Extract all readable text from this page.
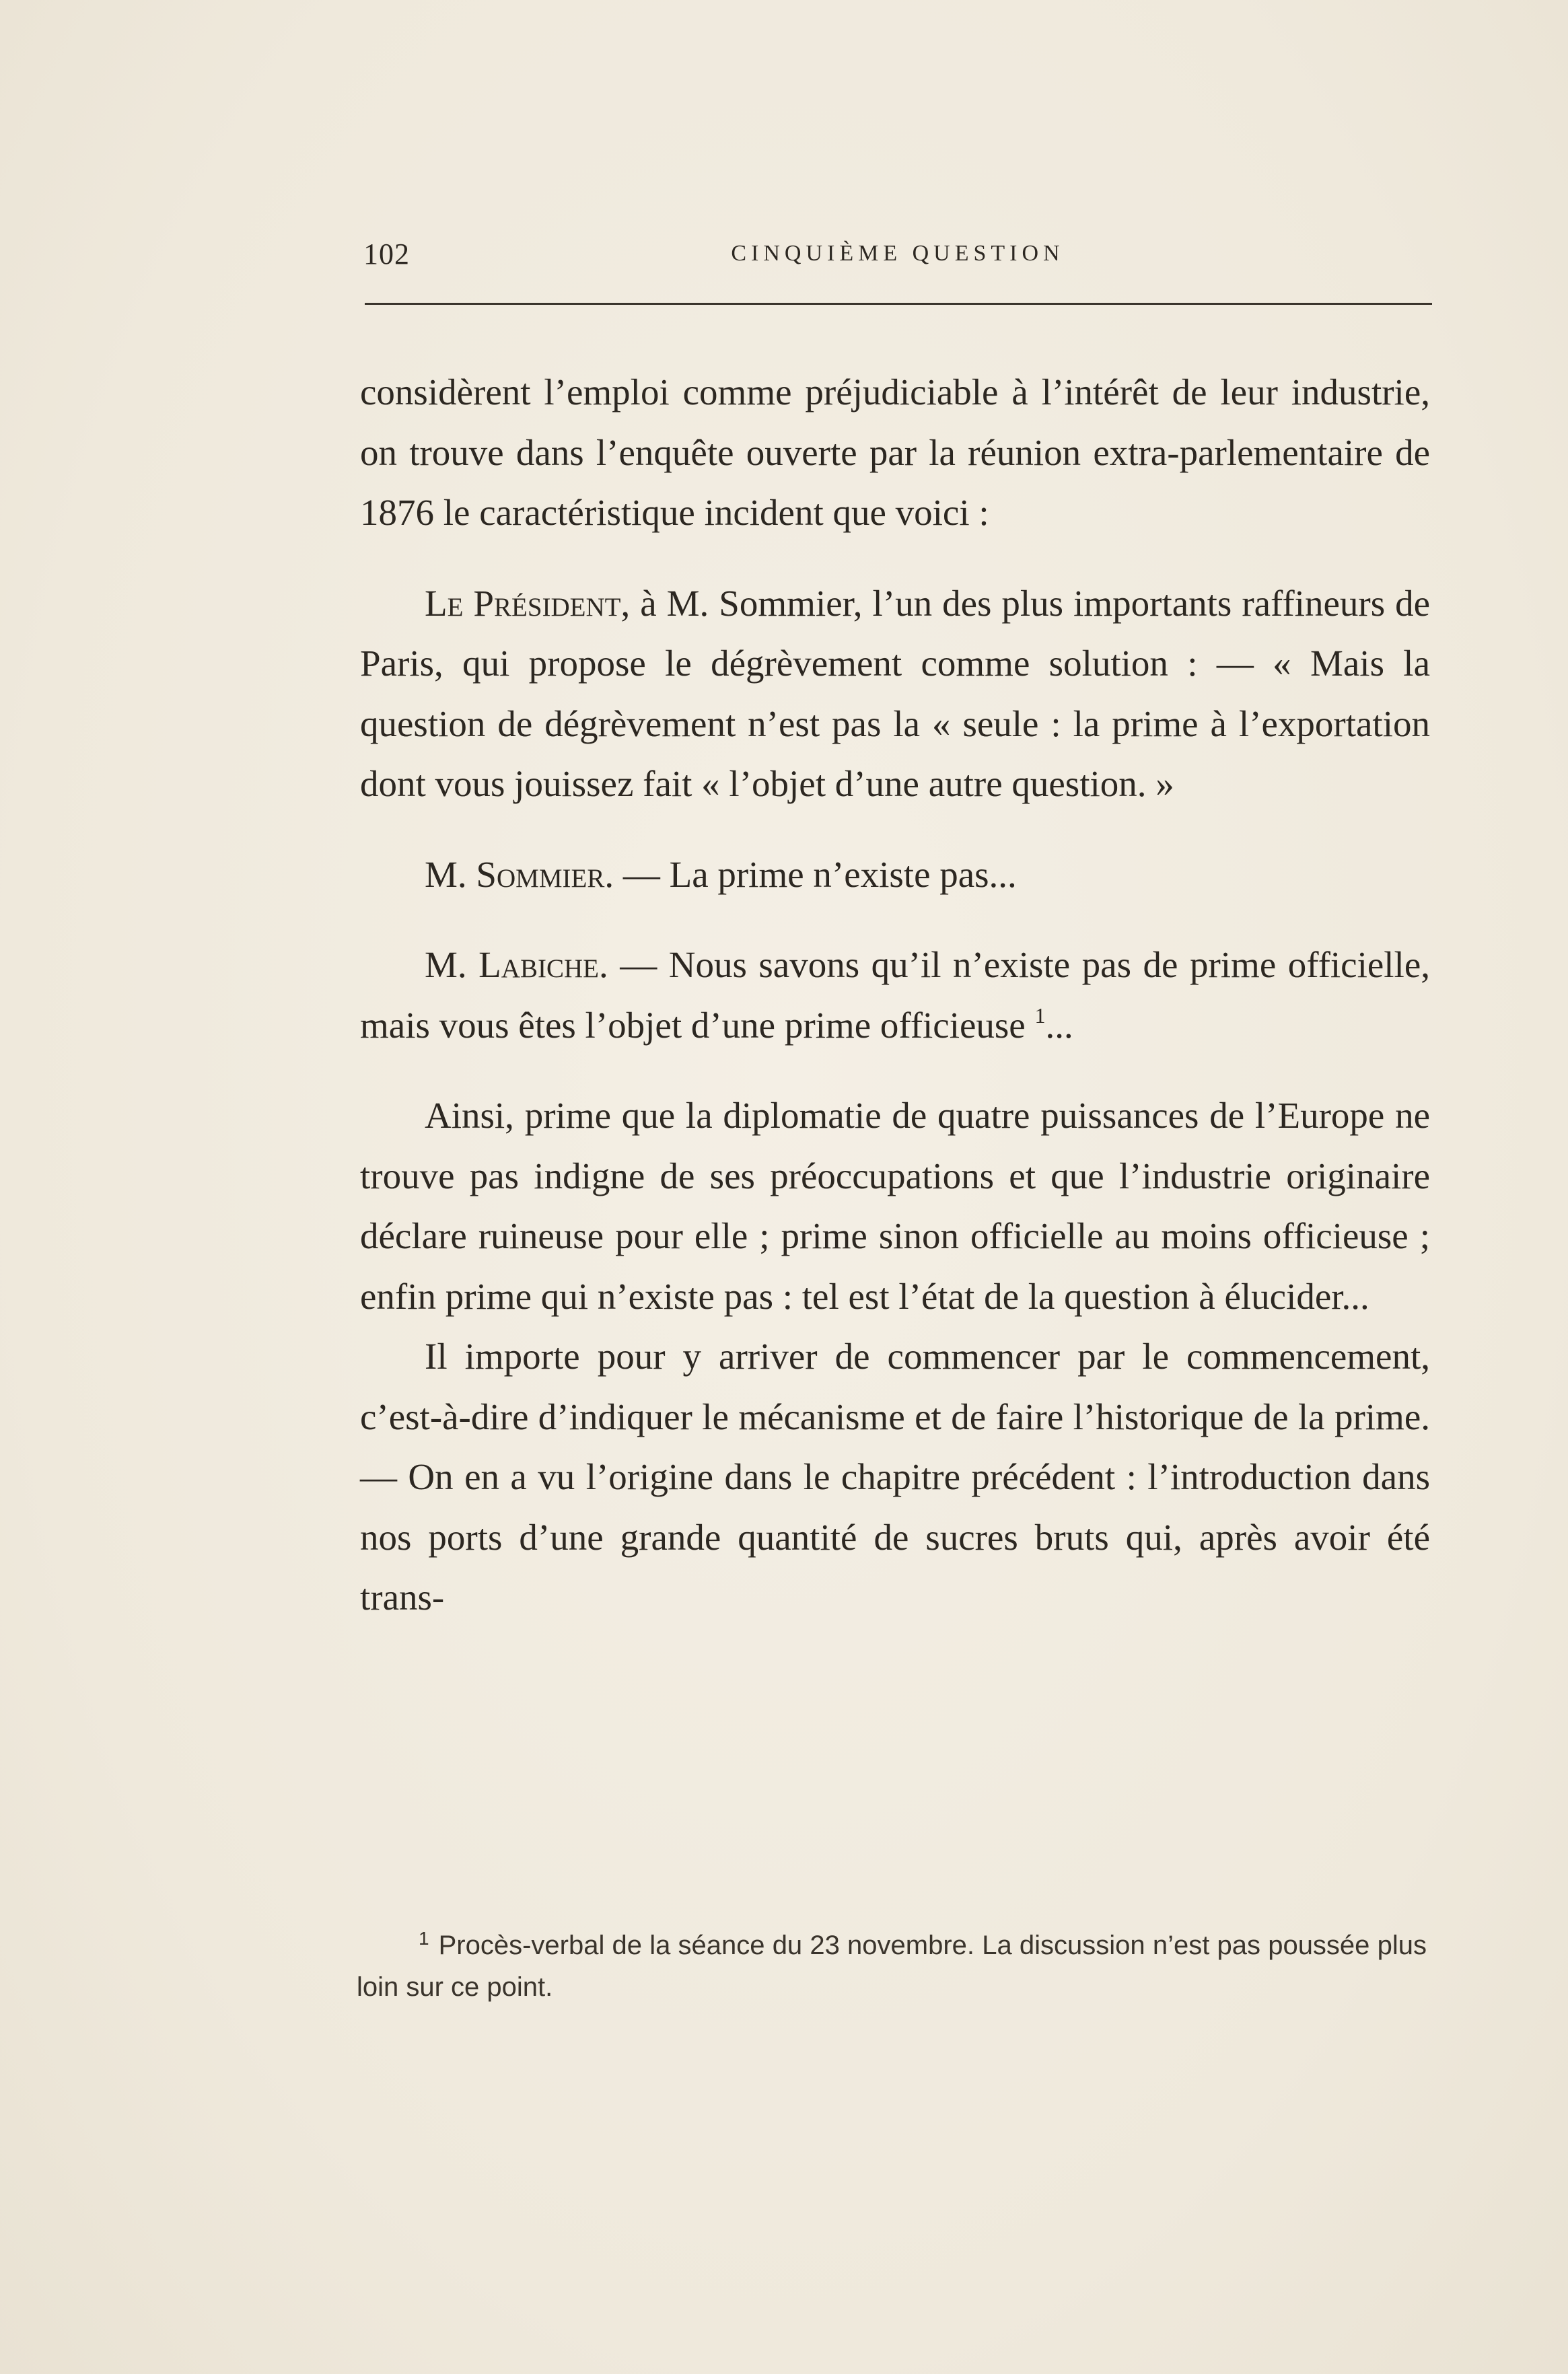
102	CINQUIÈME QUESTION

considèrent l’emploi comme préjudiciable à l’intérêt de leur industrie, on trouve dans l’enquête ouverte par la réunion extra-parlementaire de 1876 le caractéristique incident que voici :

Le Président, à M. Sommier, l’un des plus importants raffineurs de Paris, qui propose le dégrèvement comme solution : — « Mais la question de dégrèvement n’est pas la « seule : la prime à l’exportation dont vous jouissez fait « l’objet d’une autre question. »

M. Sommier. — La prime n’existe pas...

M. Labiche. — Nous savons qu’il n’existe pas de prime officielle, mais vous êtes l’objet d’une prime officieuse $^1$...

Ainsi, prime que la diplomatie de quatre puissances de l’Europe ne trouve pas indigne de ses préoccupations et que l’industrie originaire déclare ruineuse pour elle ; prime sinon officielle au moins officieuse ; enfin prime qui n’existe pas : tel est l’état de la question à élucider...

Il importe pour y arriver de commencer par le commencement, c’est-à-dire d’indiquer le mécanisme et de faire l’historique de la prime. — On en a vu l’origine dans le chapitre précédent : l’introduction dans nos ports d’une grande quantité de sucres bruts qui, après avoir été trans-

$^1$ Procès-verbal de la séance du 23 novembre. La discussion n’est pas poussée plus loin sur ce point.
